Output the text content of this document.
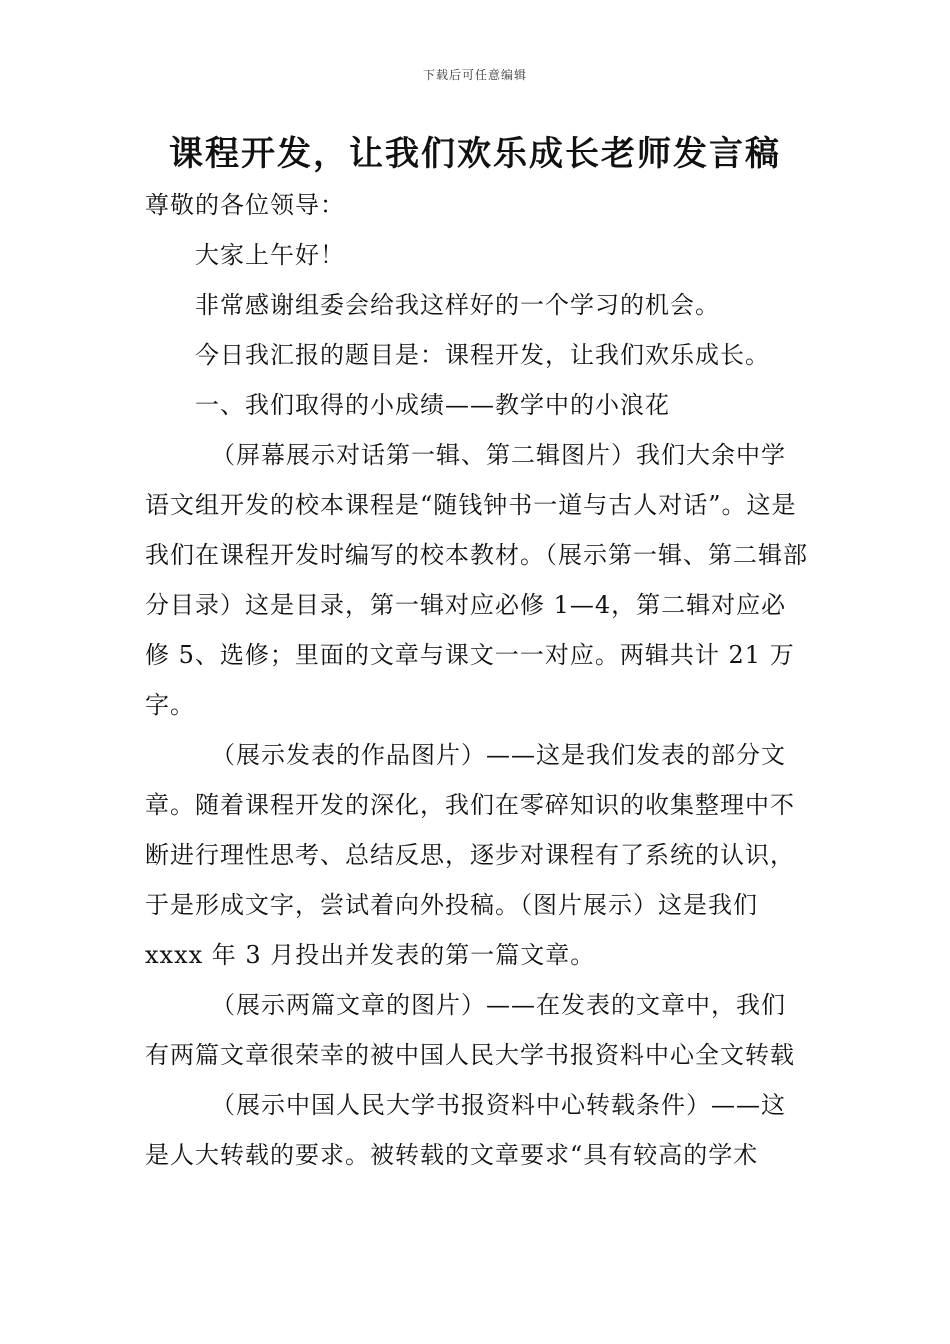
下载后可任意编辑
课程开发，让我们欢乐成长老师发言稿

尊敬的各位领导：

大家上午好！

非常感谢组委会给我这样好的一个学习的机会。

今日我汇报的题目是：课程开发，让我们欢乐成长。

一、我们取得的小成绩——教学中的小浪花

（屏幕展示对话第一辑、第二辑图片）我们大余中学语文组开发的校本课程是“随钱钟书一道与古人对话”。这是我们在课程开发时编写的校本教材。（展示第一辑、第二辑部分目录）这是目录，第一辑对应必修 1—4，第二辑对应必修 5、选修；里面的文章与课文一一对应。两辑共计 21 万字。

（展示发表的作品图片）——这是我们发表的部分文章。随着课程开发的深化，我们在零碎知识的收集整理中不断进行理性思考、总结反思，逐步对课程有了系统的认识，于是形成文字，尝试着向外投稿。（图片展示）这是我们 xxxx 年 3 月投出并发表的第一篇文章。

（展示两篇文章的图片）——在发表的文章中，我们有两篇文章很荣幸的被中国人民大学书报资料中心全文转载

（展示中国人民大学书报资料中心转载条件）——这是人大转载的要求。被转载的文章要求“具有较高的学术
